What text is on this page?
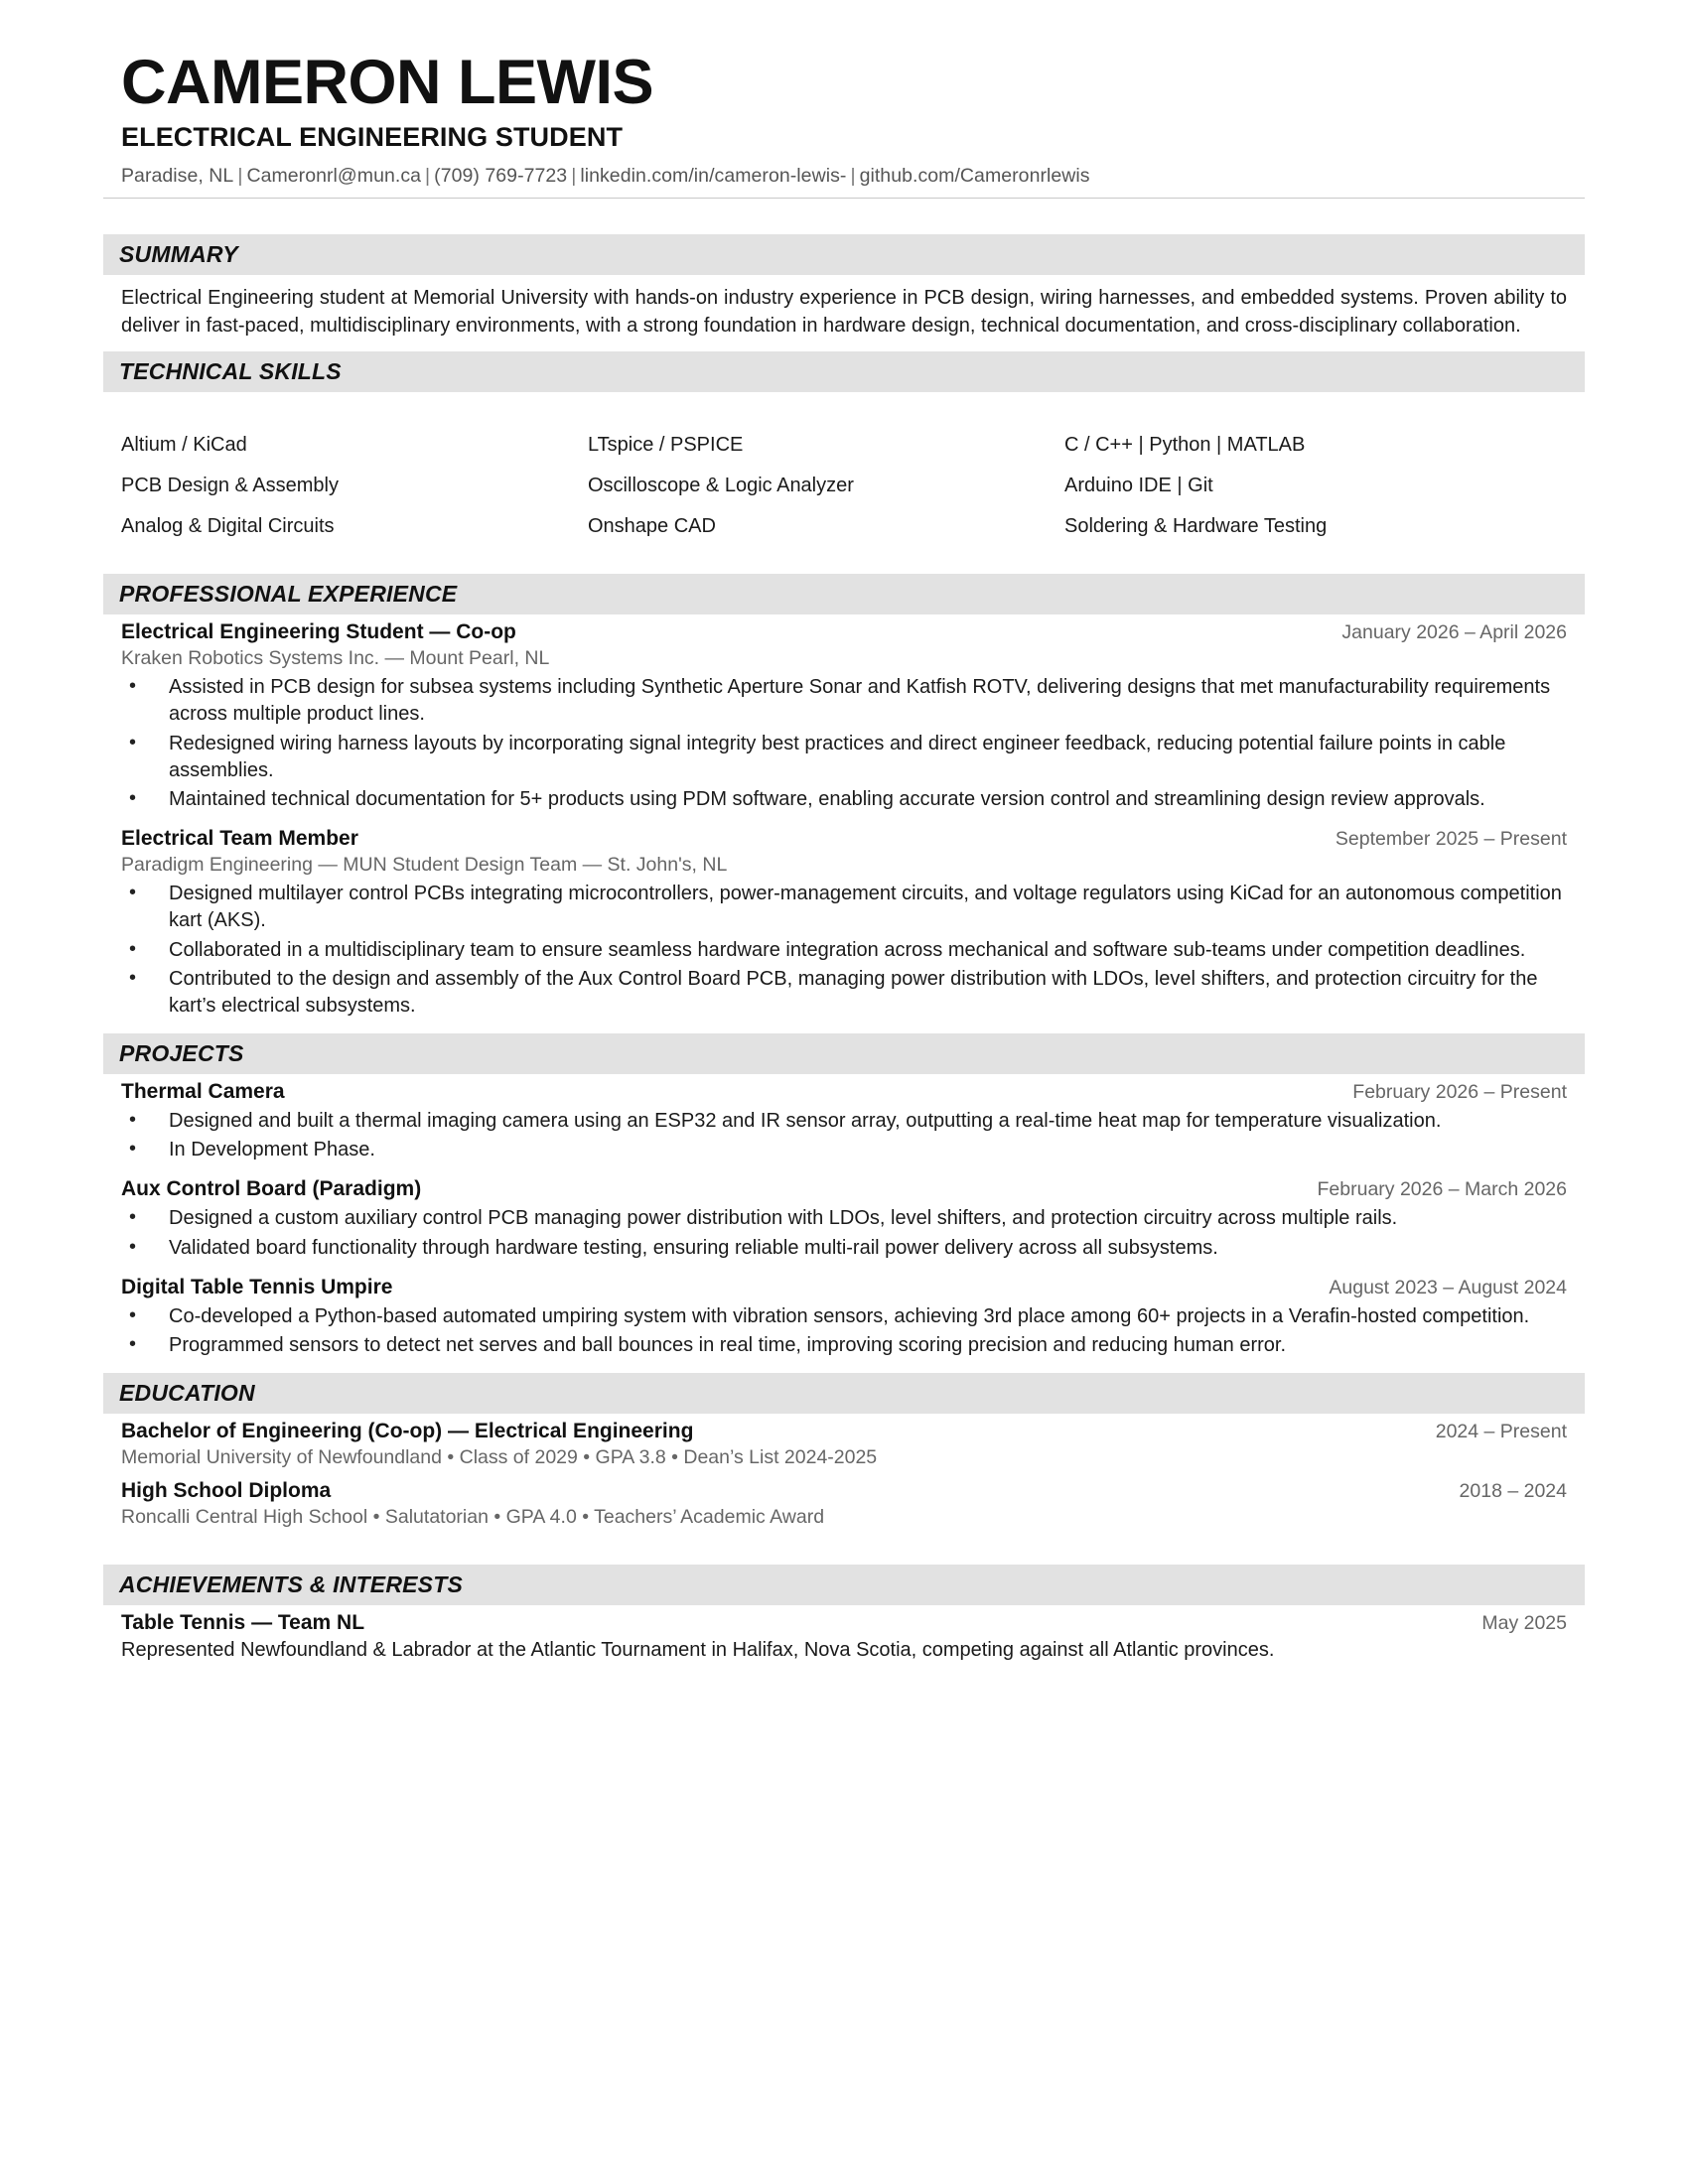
CAMERON LEWIS
ELECTRICAL ENGINEERING STUDENT
Paradise, NL | Cameronrl@mun.ca | (709) 769-7723 | linkedin.com/in/cameron-lewis- | github.com/Cameronrlewis
SUMMARY

Electrical Engineering student at Memorial University with hands-on industry experience in PCB design, wiring harnesses, and embedded systems. Proven ability to deliver in fast-paced, multidisciplinary environments, with a strong foundation in hardware design, technical documentation, and cross-disciplinary collaboration.

TECHNICAL SKILLS
Altium / KiCad	LTspice / PSPICE	C / C++ | Python | MATLAB
PCB Design & Assembly	Oscilloscope & Logic Analyzer	Arduino IDE | Git
Analog & Digital Circuits	Onshape CAD	Soldering & Hardware Testing
PROFESSIONAL EXPERIENCE
Electrical Engineering Student — Co-op	January 2026 – April 2026
Kraken Robotics Systems Inc. — Mount Pearl, NL
• Assisted in PCB design for subsea systems including Synthetic Aperture Sonar and Katfish ROTV, delivering designs that met manufacturability requirements across multiple product lines.
• Redesigned wiring harness layouts by incorporating signal integrity best practices and direct engineer feedback, reducing potential failure points in cable assemblies.
• Maintained technical documentation for 5+ products using PDM software, enabling accurate version control and streamlining design review approvals.
Electrical Team Member	September 2025 – Present
Paradigm Engineering — MUN Student Design Team — St. John's, NL
• Designed multilayer control PCBs integrating microcontrollers, power-management circuits, and voltage regulators using KiCad for an autonomous competition kart (AKS).
• Collaborated in a multidisciplinary team to ensure seamless hardware integration across mechanical and software sub-teams under competition deadlines.
• Contributed to the design and assembly of the Aux Control Board PCB, managing power distribution with LDOs, level shifters, and protection circuitry for the kart’s electrical subsystems.
PROJECTS
Thermal Camera	February 2026 – Present
• Designed and built a thermal imaging camera using an ESP32 and IR sensor array, outputting a real-time heat map for temperature visualization.
• In Development Phase.
Aux Control Board (Paradigm)	February 2026 – March 2026
• Designed a custom auxiliary control PCB managing power distribution with LDOs, level shifters, and protection circuitry across multiple rails.
• Validated board functionality through hardware testing, ensuring reliable multi-rail power delivery across all subsystems.
Digital Table Tennis Umpire	August 2023 – August 2024
• Co-developed a Python-based automated umpiring system with vibration sensors, achieving 3rd place among 60+ projects in a Verafin-hosted competition.
• Programmed sensors to detect net serves and ball bounces in real time, improving scoring precision and reducing human error.
EDUCATION
Bachelor of Engineering (Co-op) — Electrical Engineering	2024 – Present
Memorial University of Newfoundland • Class of 2029 • GPA 3.8 • Dean’s List 2024-2025
High School Diploma	2018 – 2024
Roncalli Central High School • Salutatorian • GPA 4.0 • Teachers’ Academic Award
ACHIEVEMENTS & INTERESTS
Table Tennis — Team NL	May 2025
Represented Newfoundland & Labrador at the Atlantic Tournament in Halifax, Nova Scotia, competing against all Atlantic provinces.
